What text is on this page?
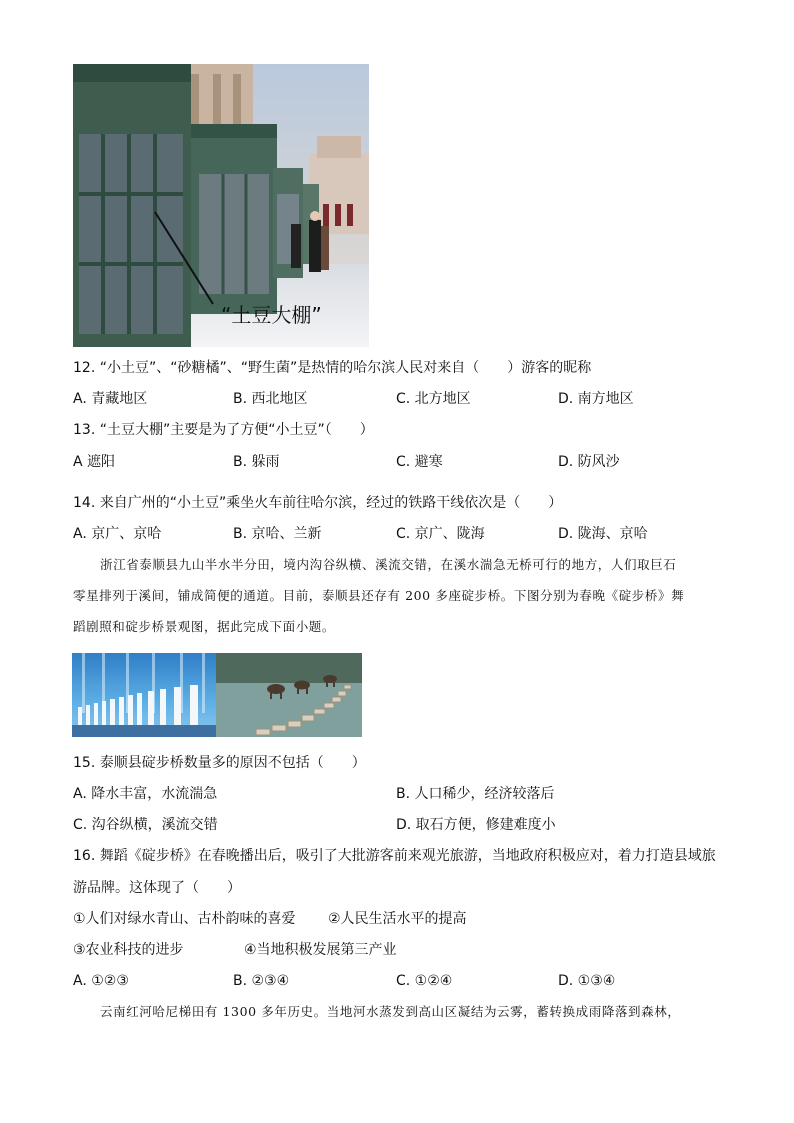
“土豆大棚”
12. “小土豆”、“砂糖橘”、“野生菌”是热情的哈尔滨人民对来自（　　）游客的昵称
A. 青藏地区	B. 西北地区	C. 北方地区	D. 南方地区
13. “土豆大棚”主要是为了方便“小土豆”（　　）
A 遮阳	B. 躲雨	C. 避寒	D. 防风沙
14. 来自广州的“小土豆”乘坐火车前往哈尔滨，经过的铁路干线依次是（　　）
A. 京广、京哈	B. 京哈、兰新	C. 京广、陇海	D. 陇海、京哈
浙江省泰顺县九山半水半分田，境内沟谷纵横、溪流交错，在溪水湍急无桥可行的地方，人们取巨石
零星排列于溪间，铺成简便的通道。目前，泰顺县还存有 200 多座碇步桥。下图分别为春晚《碇步桥》舞
蹈剧照和碇步桥景观图，据此完成下面小题。
15. 泰顺县碇步桥数量多的原因不包括（　　）
A. 降水丰富，水流湍急	B. 人口稀少，经济较落后
C. 沟谷纵横，溪流交错	D. 取石方便，修建难度小
16. 舞蹈《碇步桥》在春晚播出后，吸引了大批游客前来观光旅游，当地政府积极应对，着力打造县域旅
游品牌。这体现了（　　）
①人们对绿水青山、古朴韵味的喜爱 ②人民生活水平的提高
③农业科技的进步	④当地积极发展第三产业
A. ①②③	B. ②③④	C. ①②④	D. ①③④
云南红河哈尼梯田有 1300 多年历史。当地河水蒸发到高山区凝结为云雾，蓄转换成雨降落到森林，
